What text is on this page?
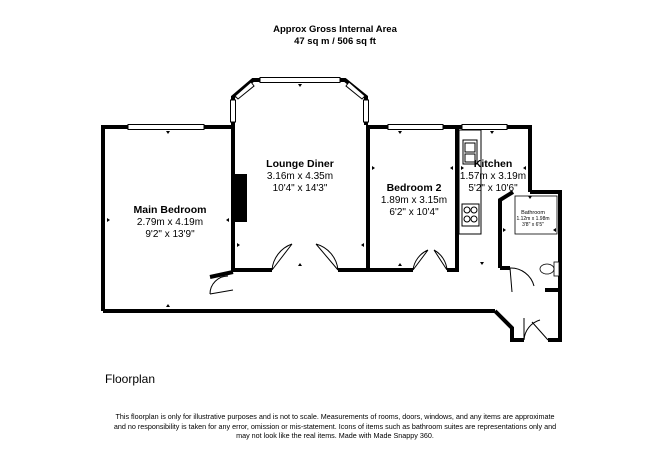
Approx Gross Internal Area
47 sq m / 506 sq ft
Main Bedroom
2.79m x 4.19m
9'2" x 13'9"
Lounge Diner
3.16m x 4.35m
10'4" x 14'3"	Bedroom 2
1.89m x 3.15m
6'2" x 10'4"
Kitchen
1.57m x 3.19m
5'2" x 10'6"
Bathroom
1.12m x 1.98m
3'8" x 6'5"
Floorplan
This floorplan is only for illustrative purposes and is not to scale. Measurements of rooms, doors, windows, and any items are approximate
and no responsibility is taken for any error, omission or mis-statement. Icons of items such as bathroom suites are representations only and
may not look like the real items. Made with Made Snappy 360.
